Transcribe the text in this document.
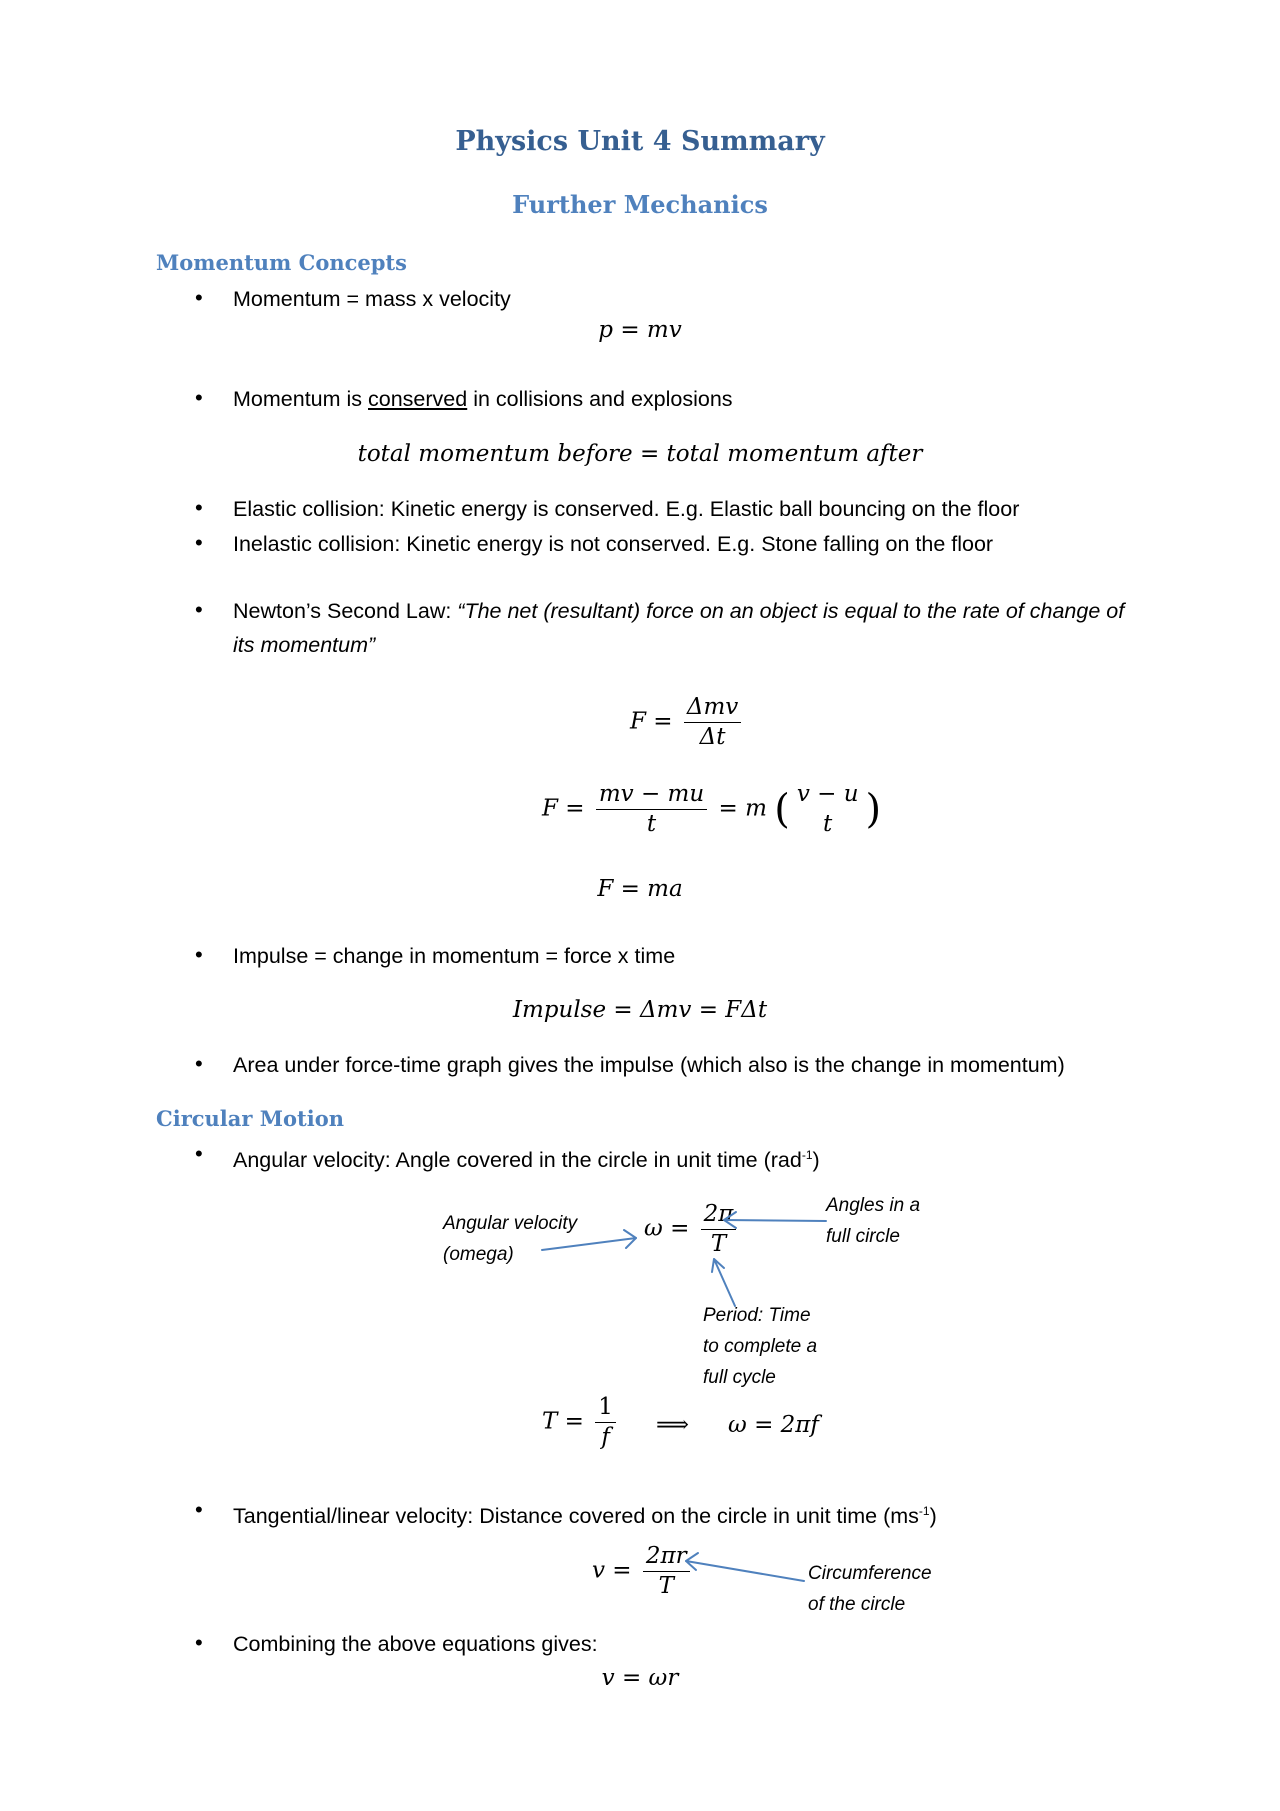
Physics Unit 4 Summary
Further Mechanics
Momentum Concepts
• Momentum = mass x velocity
p = mv
• Momentum is conserved in collisions and explosions
total momentum before = total momentum after
• Elastic collision: Kinetic energy is conserved. E.g. Elastic ball bouncing on the floor
• Inelastic collision: Kinetic energy is not conserved. E.g. Stone falling on the floor
• Newton’s Second Law: “The net (resultant) force on an object is equal to the rate of change of its momentum”
$F = \frac{\text{Δmv}}{\Delta t}$
$F = \frac{mv - mu}{t} = m$ ( v − u
t )
F = ma
• Impulse = change in momentum = force x time
Impulse = Δmv = FΔt
• Area under force-time graph gives the impulse (which also is the change in momentum)
Circular Motion
• Angular velocity: Angle covered in the circle in unit time (rad$^{-1}$)
Angular velocity
(omega)
$\omega = \frac{2\pi}{T}$	Angles in a
full circle
Period: Time
to complete a
full cycle
$T = \frac{1}{f}$ ⟹ ω = 2πf
• Tangential/linear velocity: Distance covered on the circle in unit time $(ms^{-1})$
$v = \frac{2\pi r}{T}$	Circumference
of the circle
• Combining the above equations gives:
v = ωr
